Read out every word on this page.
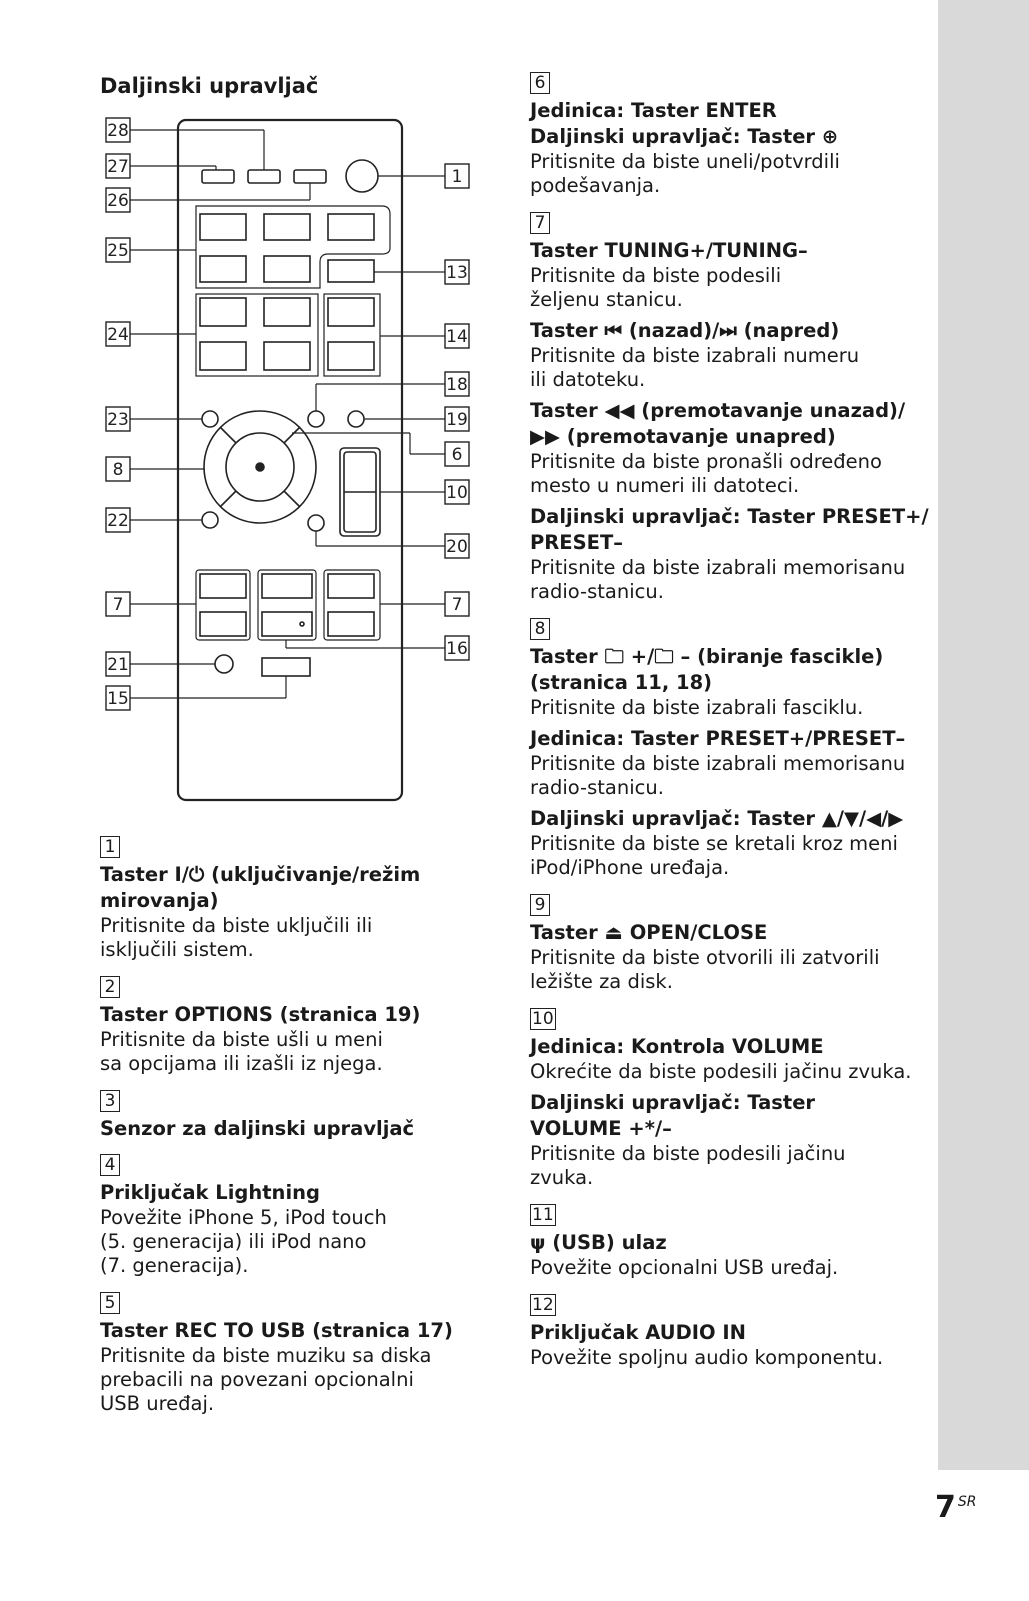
Daljinski upravljač
28
27
26
25
24
23
8
22
7
21
15
1
13
14
18
19
6
10
20
7
16
1

Taster I/⏻ (uključivanje/režim mirovanja)

Pritisnite da biste uključili ili
isključili sistem.

2

Taster OPTIONS (stranica 19)

Pritisnite da biste ušli u meni
sa opcijama ili izašli iz njega.

3

Senzor za daljinski upravljač

4

Priključak Lightning

Povežite iPhone 5, iPod touch
(5. generacija) ili iPod nano
(7. generacija).

5

Taster REC TO USB (stranica 17)

Pritisnite da biste muziku sa diska
prebacili na povezani opcionalni
USB uređaj.

6

Jedinica: Taster ENTER

Daljinski upravljač: Taster ⊕

Pritisnite da biste uneli/potvrdili
podešavanja.

7

Taster TUNING+/TUNING–

Pritisnite da biste podesili
željenu stanicu.

Taster ⏮ (nazad)/⏭ (napred)

Pritisnite da biste izabrali numeru
ili datoteku.

Taster ◀◀ (premotavanje unazad)/
▶▶ (premotavanje unapred)

Pritisnite da biste pronašli određeno
mesto u numeri ili datoteci.

Daljinski upravljač: Taster PRESET+/
PRESET–

Pritisnite da biste izabrali memorisanu
radio-stanicu.

8

Taster 🗀 +/🗀 – (biranje fascikle)
(stranica 11, 18)

Pritisnite da biste izabrali fasciklu.

Jedinica: Taster PRESET+/PRESET–

Pritisnite da biste izabrali memorisanu
radio-stanicu.

Daljinski upravljač: Taster ▲/▼/◀/▶

Pritisnite da biste se kretali kroz meni
iPod/iPhone uređaja.

9

Taster ⏏ OPEN/CLOSE

Pritisnite da biste otvorili ili zatvorili
ležište za disk.

10

Jedinica: Kontrola VOLUME

Okrećite da biste podesili jačinu zvuka.

Daljinski upravljač: Taster
VOLUME +*/–

Pritisnite da biste podesili jačinu
zvuka.

11

ψ (USB) ulaz

Povežite opcionalni USB uređaj.

12

Priključak AUDIO IN

Povežite spoljnu audio komponentu.

7 $^{SR}$
